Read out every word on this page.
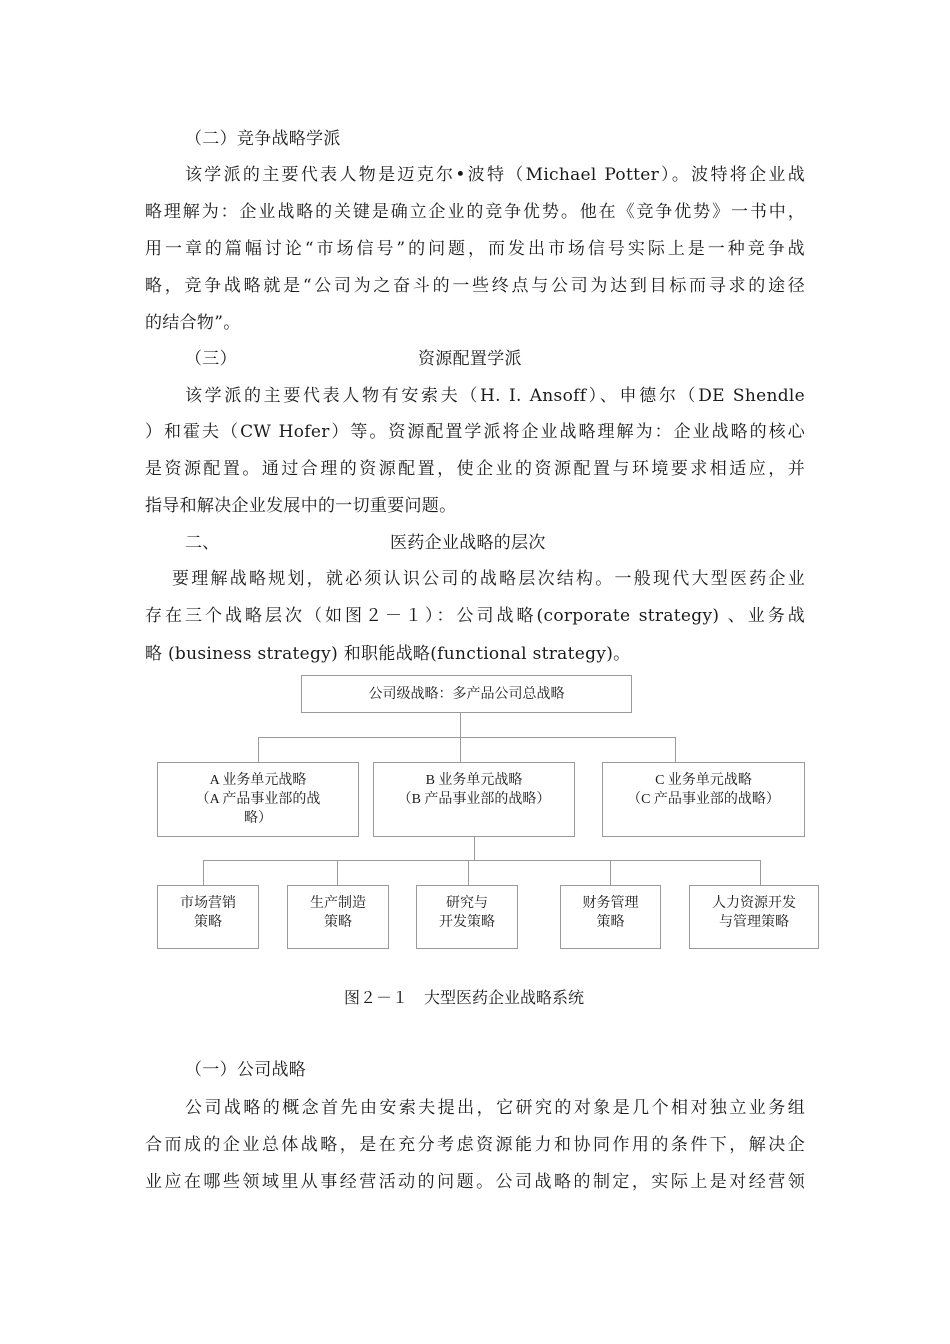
（二）竞争战略学派
该学派的主要代表人物是迈克尔•波特（Michael Potter）。波特将企业战
略理解为：企业战略的关键是确立企业的竞争优势。他在《竞争优势》一书中，
用一章的篇幅讨论“市场信号”的问题，而发出市场信号实际上是一种竞争战
略，竞争战略就是“公司为之奋斗的一些终点与公司为达到目标而寻求的途径
的结合物”。
（三）	资源配置学派
该学派的主要代表人物有安索夫（H. I. Ansoff）、申德尔（DE Shendle
）和霍夫（CW Hofer）等。资源配置学派将企业战略理解为：企业战略的核心
是资源配置。通过合理的资源配置，使企业的资源配置与环境要求相适应，并
指导和解决企业发展中的一切重要问题。
二、	医药企业战略的层次
要理解战略规划，就必须认识公司的战略层次结构。一般现代大型医药企业
存在三个战略层次（如图２－１）：公司战略(corporate strategy) 、业务战
略 (business strategy) 和职能战略(functional strategy)。
公司级战略：多产品公司总战略
A 业务单元战略
（A 产品事业部的战
略）
B 业务单元战略
（B 产品事业部的战略）
C 业务单元战略
（C 产品事业部的战略）
市场营销
策略
生产制造
策略
研究与
开发策略
财务管理
策略
人力资源开发
与管理策略
图２－１　大型医药企业战略系统
（一）公司战略
公司战略的概念首先由安索夫提出，它研究的对象是几个相对独立业务组
合而成的企业总体战略，是在充分考虑资源能力和协同作用的条件下，解决企
业应在哪些领域里从事经营活动的问题。公司战略的制定，实际上是对经营领
